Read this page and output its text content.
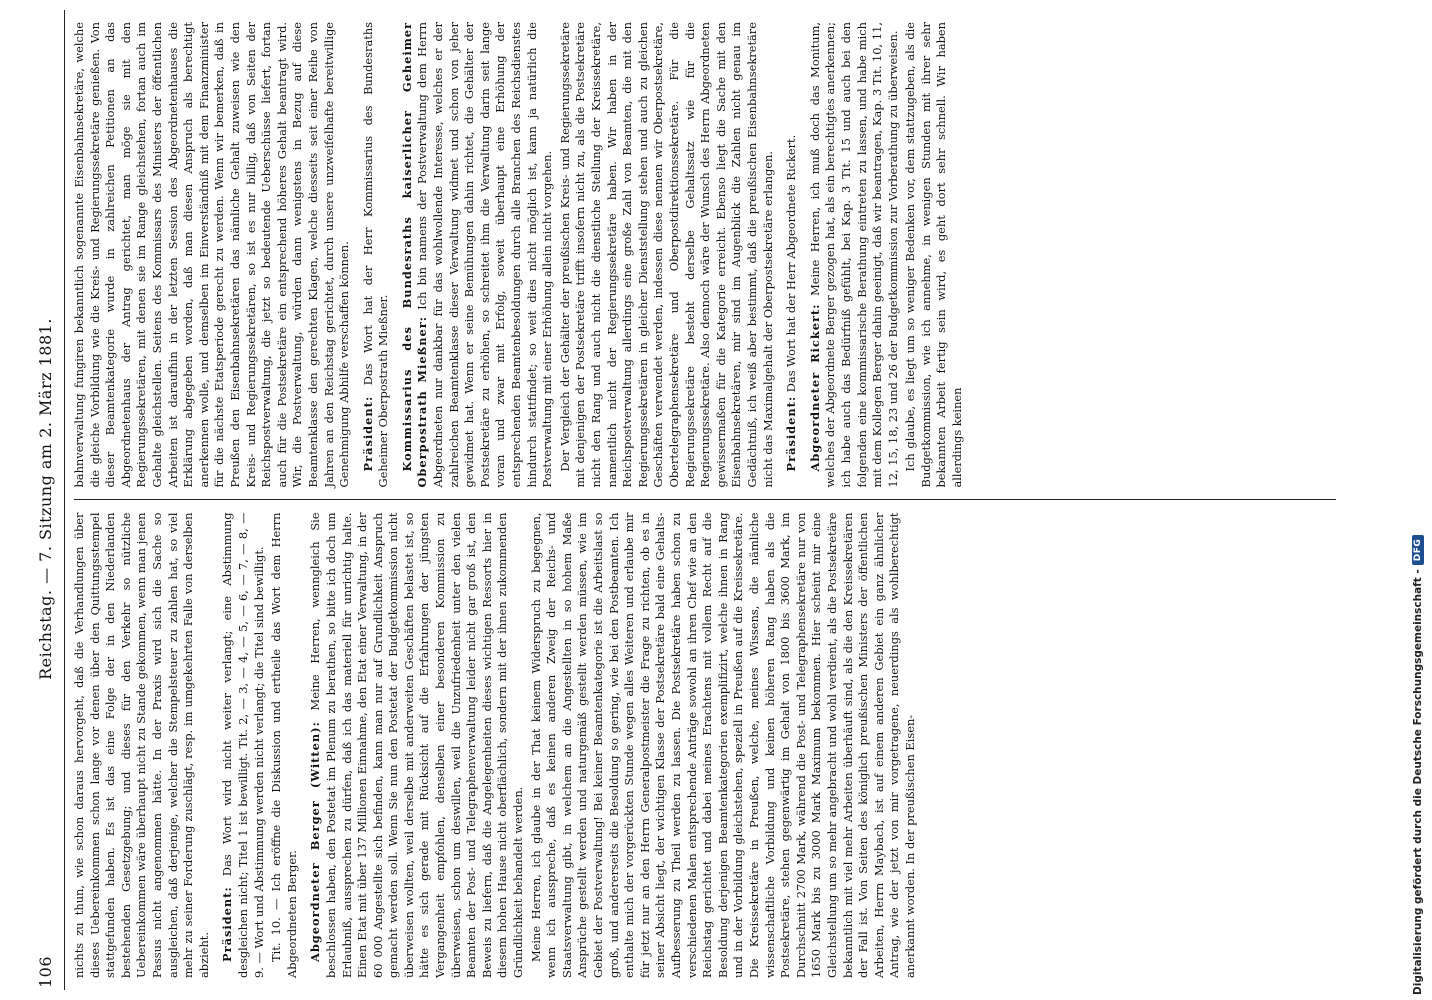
106
Reichstag. — 7. Sitzung am 2. März 1881.

nichts zu thun, wie schon daraus hervorgeht, daß die Verhandlungen über dieses Uebereinkommen schon lange vor denen über den Quittungsstempel stattgefunden haben. Es ist das eine Folge der in den Niederlanden bestehenden Gesetzgebung; und dieses für den Verkehr so nützliche Uebereinkommen wäre überhaupt nicht zu Stande gekommen, wenn man jenen Passus nicht angenommen hätte. In der Praxis wird sich die Sache so ausgleichen, daß derjenige, welcher die Stempelsteuer zu zahlen hat, so viel mehr zu seiner Forderung zuschlägt, resp. im umgekehrten Falle von derselben abzieht. Präsident: Das Wort wird nicht weiter verlangt; eine Abstimmung desgleichen nicht; Titel 1 ist bewilligt. Tit. 2, — 3, — 4, — 5, — 6, — 7, — 8, — 9. — Wort und Abstimmung werden nicht verlangt; die Titel sind bewilligt. Tit. 10. — Ich eröffne die Diskussion und ertheile das Wort dem Herrn Abgeordneten Berger. Abgeordneter Berger (Witten): Meine Herren, wenngleich Sie beschlossen haben, den Postetat im Plenum zu berathen, so bitte ich doch um Erlaubniß, aussprechen zu dürfen, daß ich das materiell für unrichtig halte. Einen Etat mit über 137 Millionen Einnahme, den Etat einer Verwaltung, in der 60 000 Angestellte sich befinden, kann man nur auf Grundlichkeit Anspruch gemacht werden soll. Wenn Sie nun den Postetat der Budgetkommission nicht überweisen wollten, weil derselbe mit anderweiten Geschäften belastet ist, so hätte es sich gerade mit Rücksicht auf die Erfahrungen der jüngsten Vergangenheit empfohlen, denselben einer besonderen Kommission zu überweisen, schon um deswillen, weil die Unzufriedenheit unter den vielen Beamten der Post- und Telegraphenverwaltung leider nicht gar groß ist, den Beweis zu liefern, daß die Angelegenheiten dieses wichtigen Ressorts hier in diesem hohen Hause nicht oberflächlich, sondern mit der ihnen zukommenden Gründlichkeit behandelt werden. Meine Herren, ich glaube in der That keinem Widerspruch zu begegnen, wenn ich ausspreche, daß es keinen anderen Zweig der Reichs- und Staatsverwaltung gibt, in welchem an die Angestellten in so hohem Maße Ansprüche gestellt werden und naturgemäß gestellt werden müssen, wie im Gebiet der Postverwaltung! Bei keiner Beamtenkategorie ist die Arbeitslast so groß, und andererseits die Besoldung so gering, wie bei den Postbeamten. Ich enthalte mich der vorgerückten Stunde wegen alles Weiteren und erlaube mir für jetzt nur an den Herrn Generalpostmeister die Frage zu richten, ob es in seiner Absicht liegt, der wichtigen Klasse der Postsekretäre bald eine Gehalts-Aufbesserung zu Theil werden zu lassen. Die Postsekretäre haben schon zu verschiedenen Malen entsprechende Anträge sowohl an ihren Chef wie an den Reichstag gerichtet und dabei meines Erachtens mit vollem Recht auf die Besoldung derjenigen Beamtenkategorien exemplifizirt, welche ihnen in Rang und in der Vorbildung gleichstehen, speziell in Preußen auf die Kreissekretäre. Die Kreissekretäre in Preußen, welche, meines Wissens, die nämliche wissenschaftliche Vorbildung und keinen höheren Rang haben als die Postsekretäre, stehen gegenwärtig im Gehalt von 1800 bis 3600 Mark, im Durchschnitt 2700 Mark, während die Post- und Telegraphensekretäre nur von 1650 Mark bis zu 3000 Mark Maximum bekommen. Hier scheint mir eine Gleichstellung um so mehr angebracht und wohl verdient, als die Postsekretäre bekanntlich mit viel mehr Arbeiten überhäuft sind, als die den Kreissekretären der Fall ist. Von Seiten des königlich preußischen Ministers der öffentlichen Arbeiten, Herrn Maybach, ist auf einem anderen Gebiet ein ganz ähnlicher Antrag, wie der jetzt von mir vorgetragene, neuerdings als wohlberechtigt anerkannt worden. In der preußischen Eisen-

bahnverwaltung fungiren bekanntlich sogenannte Eisenbahnsekretäre, welche die gleiche Vorbildung wie die Kreis- und Regierungssekretäre genießen. Von dieser Beamtenkategorie wurde in zahlreichen Petitionen an das Abgeordnetenhaus der Antrag gerichtet, man möge sie mit den Regierungssekretären, mit denen sie im Range gleichstehen, fortan auch im Gehalte gleichstellen. Seitens des Kommissars des Ministers der öffentlichen Arbeiten ist daraufhin in der letzten Session des Abgeordnetenhauses die Erklärung abgegeben worden, daß man diesen Anspruch als berechtigt anerkennen wolle, und demselben im Einverständniß mit dem Finanzminister für die nächste Etatsperiode gerecht zu werden. Wenn wir bemerken, daß in Preußen den Eisenbahnsekretären das nämliche Gehalt zuweisen wie den Kreis- und Regierungssekretären, so ist es nur billig, daß von Seiten der Reichspostverwaltung, die jetzt so bedeutende Ueberschüsse liefert, fortan auch für die Postsekretäre ein entsprechend höheres Gehalt beantragt wird. Wir, die Postverwaltung, würden dann wenigstens in Bezug auf diese Beamtenklasse den gerechten Klagen, welche diesseits seit einer Reihe von Jahren an den Reichstag gerichtet, durch unsere unzweifelhafte bereitwillige Genehmigung Abhilfe verschaffen können. Präsident: Das Wort hat der Herr Kommissarius des Bundesraths Geheimer Oberpostrath Mießner. Kommissarius des Bundesraths kaiserlicher Geheimer Oberpostrath Mießner: Ich bin namens der Postverwaltung dem Herrn Abgeordneten nur dankbar für das wohlwollende Interesse, welches er der zahlreichen Beamtenklasse dieser Verwaltung widmet und schon von jeher gewidmet hat. Wenn er seine Bemühungen dahin richtet, die Gehälter der Postsekretäre zu erhöhen, so schreitet ihm die Verwaltung darin seit lange voran und zwar mit Erfolg, soweit überhaupt eine Erhöhung der entsprechenden Beamtenbesoldungen durch alle Branchen des Reichsdienstes hindurch stattfindet; so weit dies nicht möglich ist, kann ja natürlich die Postverwaltung mit einer Erhöhung allein nicht vorgehen. Der Vergleich der Gehälter der preußischen Kreis- und Regierungssekretäre mit denjenigen der Postsekretäre trifft insofern nicht zu, als die Postsekretäre nicht den Rang und auch nicht die dienstliche Stellung der Kreissekretäre, namentlich nicht der Regierungssekretäre haben. Wir haben in der Reichspostverwaltung allerdings eine große Zahl von Beamten, die mit den Regierungssekretären in gleicher Dienststellung stehen und auch zu gleichen Geschäften verwendet werden, indessen diese nennen wir Oberpostsekretäre, Obertelegraphensekretäre und Oberpostdirektionssekretäre. Für die Regierungssekretäre besteht derselbe Gehaltssatz wie für die Regierungssekretäre. Also dennoch wäre der Wunsch des Herrn Abgeordneten gewissermaßen für die Kategorie erreicht. Ebenso liegt die Sache mit den Eisenbahnsekretären, mir sind im Augenblick die Zahlen nicht genau im Gedächtniß, ich weiß aber bestimmt, daß die preußischen Eisenbahnsekretäre nicht das Maximalgehalt der Oberpostsekretäre erlangen. Präsident: Das Wort hat der Herr Abgeordnete Rickert. Abgeordneter Rickert: Meine Herren, ich muß doch das Monitum, welches der Abgeordnete Berger gezogen hat, als ein berechtigtes anerkennen; ich habe auch das Bedürfniß gefühlt, bei Kap. 3 Tit. 15 und auch bei den folgenden eine kommissarische Berathung eintreten zu lassen, und habe mich mit dem Kollegen Berger dahin geeinigt, daß wir beantragen, Kap. 3 Tit. 10, 11, 12, 15, 18, 23 und 26 der Budgetkommission zur Vorberathung zu überweisen. Ich glaube, es liegt um so weniger Bedenken vor, dem stattzugeben, als die Budgetkommission, wie ich annehme, in wenigen Stunden mit ihrer sehr bekannten Arbeit fertig sein wird, es geht dort sehr schnell. Wir haben allerdings keinen

Digitalisierung gefördert durch die Deutsche Forschungsgemeinschaft -
DFG
